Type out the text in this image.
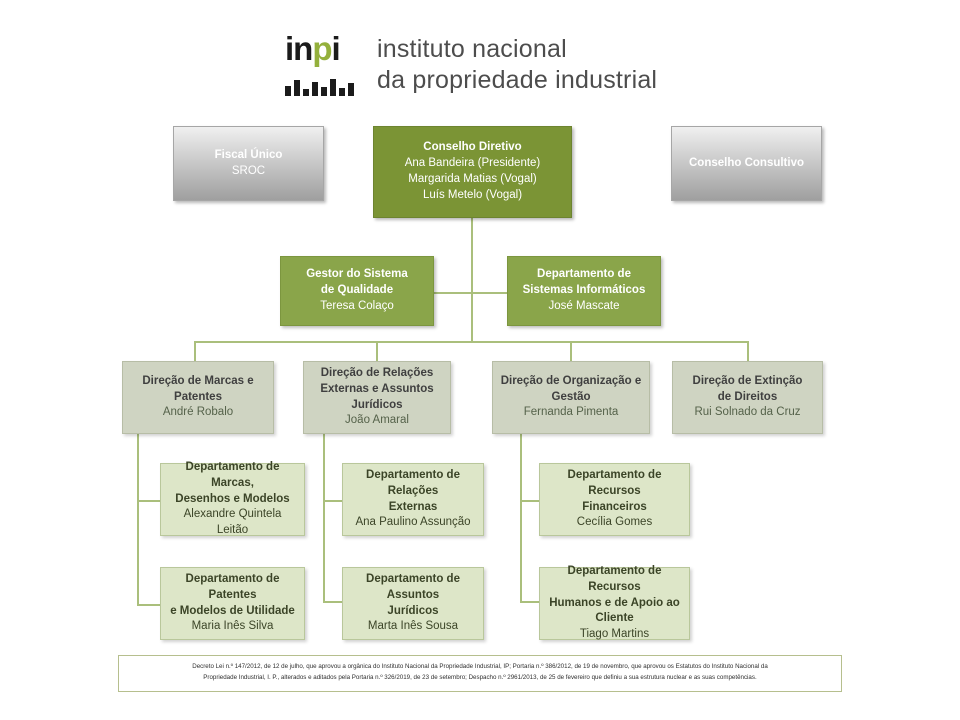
inpi	instituto nacional
da propriedade industrial
Fiscal Único
SROC
Conselho Diretivo
Ana Bandeira (Presidente)
Margarida Matias (Vogal)
Luís Metelo (Vogal)
Conselho Consultivo
Gestor do Sistema
de Qualidade
Teresa Colaço
Departamento de
Sistemas Informáticos
José Mascate
Direção de Marcas e
Patentes
André Robalo
Direção de Relações
Externas e Assuntos
Jurídicos
João Amaral
Direção de Organização e
Gestão
Fernanda Pimenta
Direção de Extinção
de Direitos
Rui Solnado da Cruz
Departamento de Marcas,
Desenhos e Modelos
Alexandre Quintela Leitão
Departamento de Relações
Externas
Ana Paulino Assunção
Departamento de Recursos
Financeiros
Cecília Gomes
Departamento de Patentes
e Modelos de Utilidade
Maria Inês Silva
Departamento de Assuntos
Jurídicos
Marta Inês Sousa
Departamento de Recursos
Humanos e de Apoio ao Cliente
Tiago Martins
Decreto Lei n.º 147/2012, de 12 de julho, que aprovou a orgânica do Instituto Nacional da Propriedade Industrial, IP; Portaria n.º 386/2012, de 19 de novembro, que aprovou os Estatutos do Instituto Nacional da
Propriedade Industrial, I. P., alterados e aditados pela Portaria n.º 326/2019, de 23 de setembro; Despacho n.º 2961/2013, de 25 de fevereiro que definiu a sua estrutura nuclear e as suas competências.
